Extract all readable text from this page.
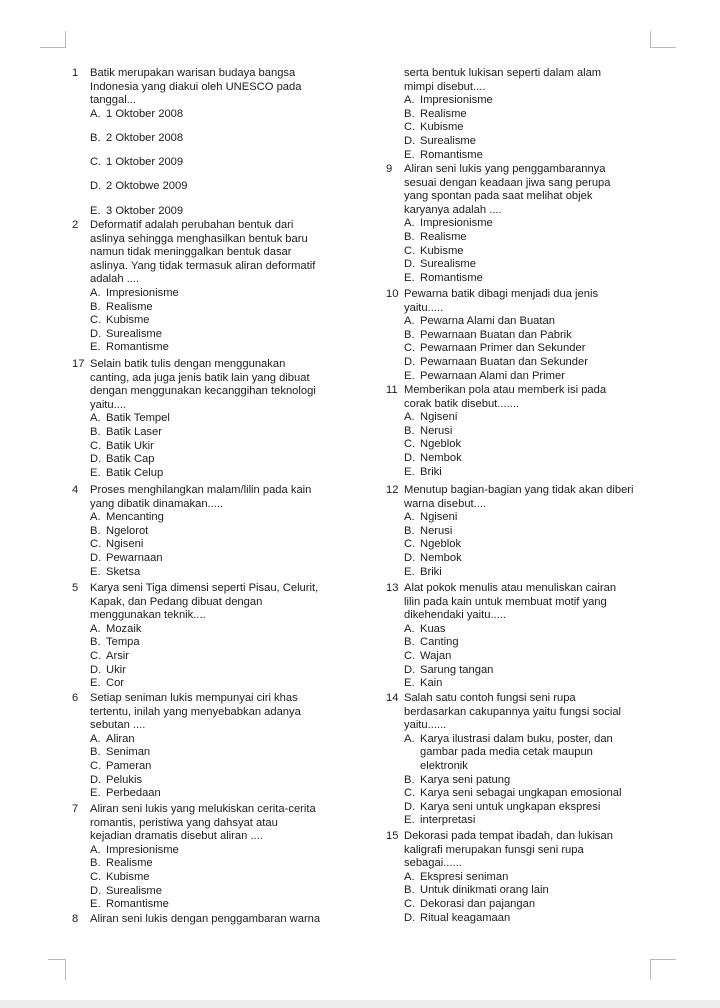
1 Batik merupakan warisan budaya bangsa
Indonesia yang diakui oleh UNESCO pada
tanggal...
A. 1 Oktober 2008
B. 2 Oktober 2008
C. 1 Oktober 2009
D. 2 Oktobwe 2009
E. 3 Oktober 2009
2 Deformatif adalah perubahan bentuk dari
aslinya sehingga menghasilkan bentuk baru
namun tidak meninggalkan bentuk dasar
aslinya. Yang tidak termasuk aliran deformatif
adalah ....
A. Impresionisme
B. Realisme
C. Kubisme
D. Surealisme
E. Romantisme
17 Selain batik tulis dengan menggunakan
canting, ada juga jenis batik lain yang dibuat
dengan menggunakan kecanggihan teknologi
yaitu....
A. Batik Tempel
B. Batik Laser
C. Batik Ukir
D. Batik Cap
E. Batik Celup
4 Proses menghilangkan malam/lilin pada kain
yang dibatik dinamakan.....
A. Mencanting
B. Ngelorot
C. Ngiseni
D. Pewarnaan
E. Sketsa
5 Karya seni Tiga dimensi seperti Pisau, Celurit,
Kapak, dan Pedang dibuat dengan
menggunakan teknik....
A. Mozaik
B. Tempa
C. Arsir
D. Ukir
E. Cor
6 Setiap seniman lukis mempunyai ciri khas
tertentu, inilah yang menyebabkan adanya
sebutan ....
A. Aliran
B. Seniman
C. Pameran
D. Pelukis
E. Perbedaan
7 Aliran seni lukis yang melukiskan cerita-cerita
romantis, peristiwa yang dahsyat atau
kejadian dramatis disebut aliran ....
A. Impresionisme
B. Realisme
C. Kubisme
D. Surealisme
E. Romantisme
8 Aliran seni lukis dengan penggambaran warna
serta bentuk lukisan seperti dalam alam
mimpi disebut....
A. Impresionisme
B. Realisme
C. Kubisme
D. Surealisme
E. Romantisme
9 Aliran seni lukis yang penggambarannya
sesuai dengan keadaan jiwa sang perupa
yang spontan pada saat melihat objek
karyanya adalah ....
A. Impresionisme
B. Realisme
C. Kubisme
D. Surealisme
E. Romantisme
10 Pewarna batik dibagi menjadi dua jenis
yaitu.....
A. Pewarna Alami dan Buatan
B. Pewarnaan Buatan dan Pabrik
C. Pewarnaan Primer dan Sekunder
D. Pewarnaan Buatan dan Sekunder
E. Pewarnaan Alami dan Primer
11 Memberikan pola atau memberk isi pada
corak batik disebut.......
A. Ngiseni
B. Nerusi
C. Ngeblok
D. Nembok
E. Briki
12 Menutup bagian-bagian yang tidak akan diberi
warna disebut....
A. Ngiseni
B. Nerusi
C. Ngeblok
D. Nembok
E. Briki
13 Alat pokok menulis atau menuliskan cairan
lilin pada kain untuk membuat motif yang
dikehendaki yaitu.....
A. Kuas
B. Canting
C. Wajan
D. Sarung tangan
E. Kain
14 Salah satu contoh fungsi seni rupa
berdasarkan cakupannya yaitu fungsi social
yaitu......
A. Karya ilustrasi dalam buku, poster, dan
gambar pada media cetak maupun
elektronik
B. Karya seni patung
C. Karya seni sebagai ungkapan emosional
D. Karya seni untuk ungkapan ekspresi
E. interpretasi
15 Dekorasi pada tempat ibadah, dan lukisan
kaligrafi merupakan funsgi seni rupa
sebagai......
A. Ekspresi seniman
B. Untuk dinikmati orang lain
C. Dekorasi dan pajangan
D. Ritual keagamaan
